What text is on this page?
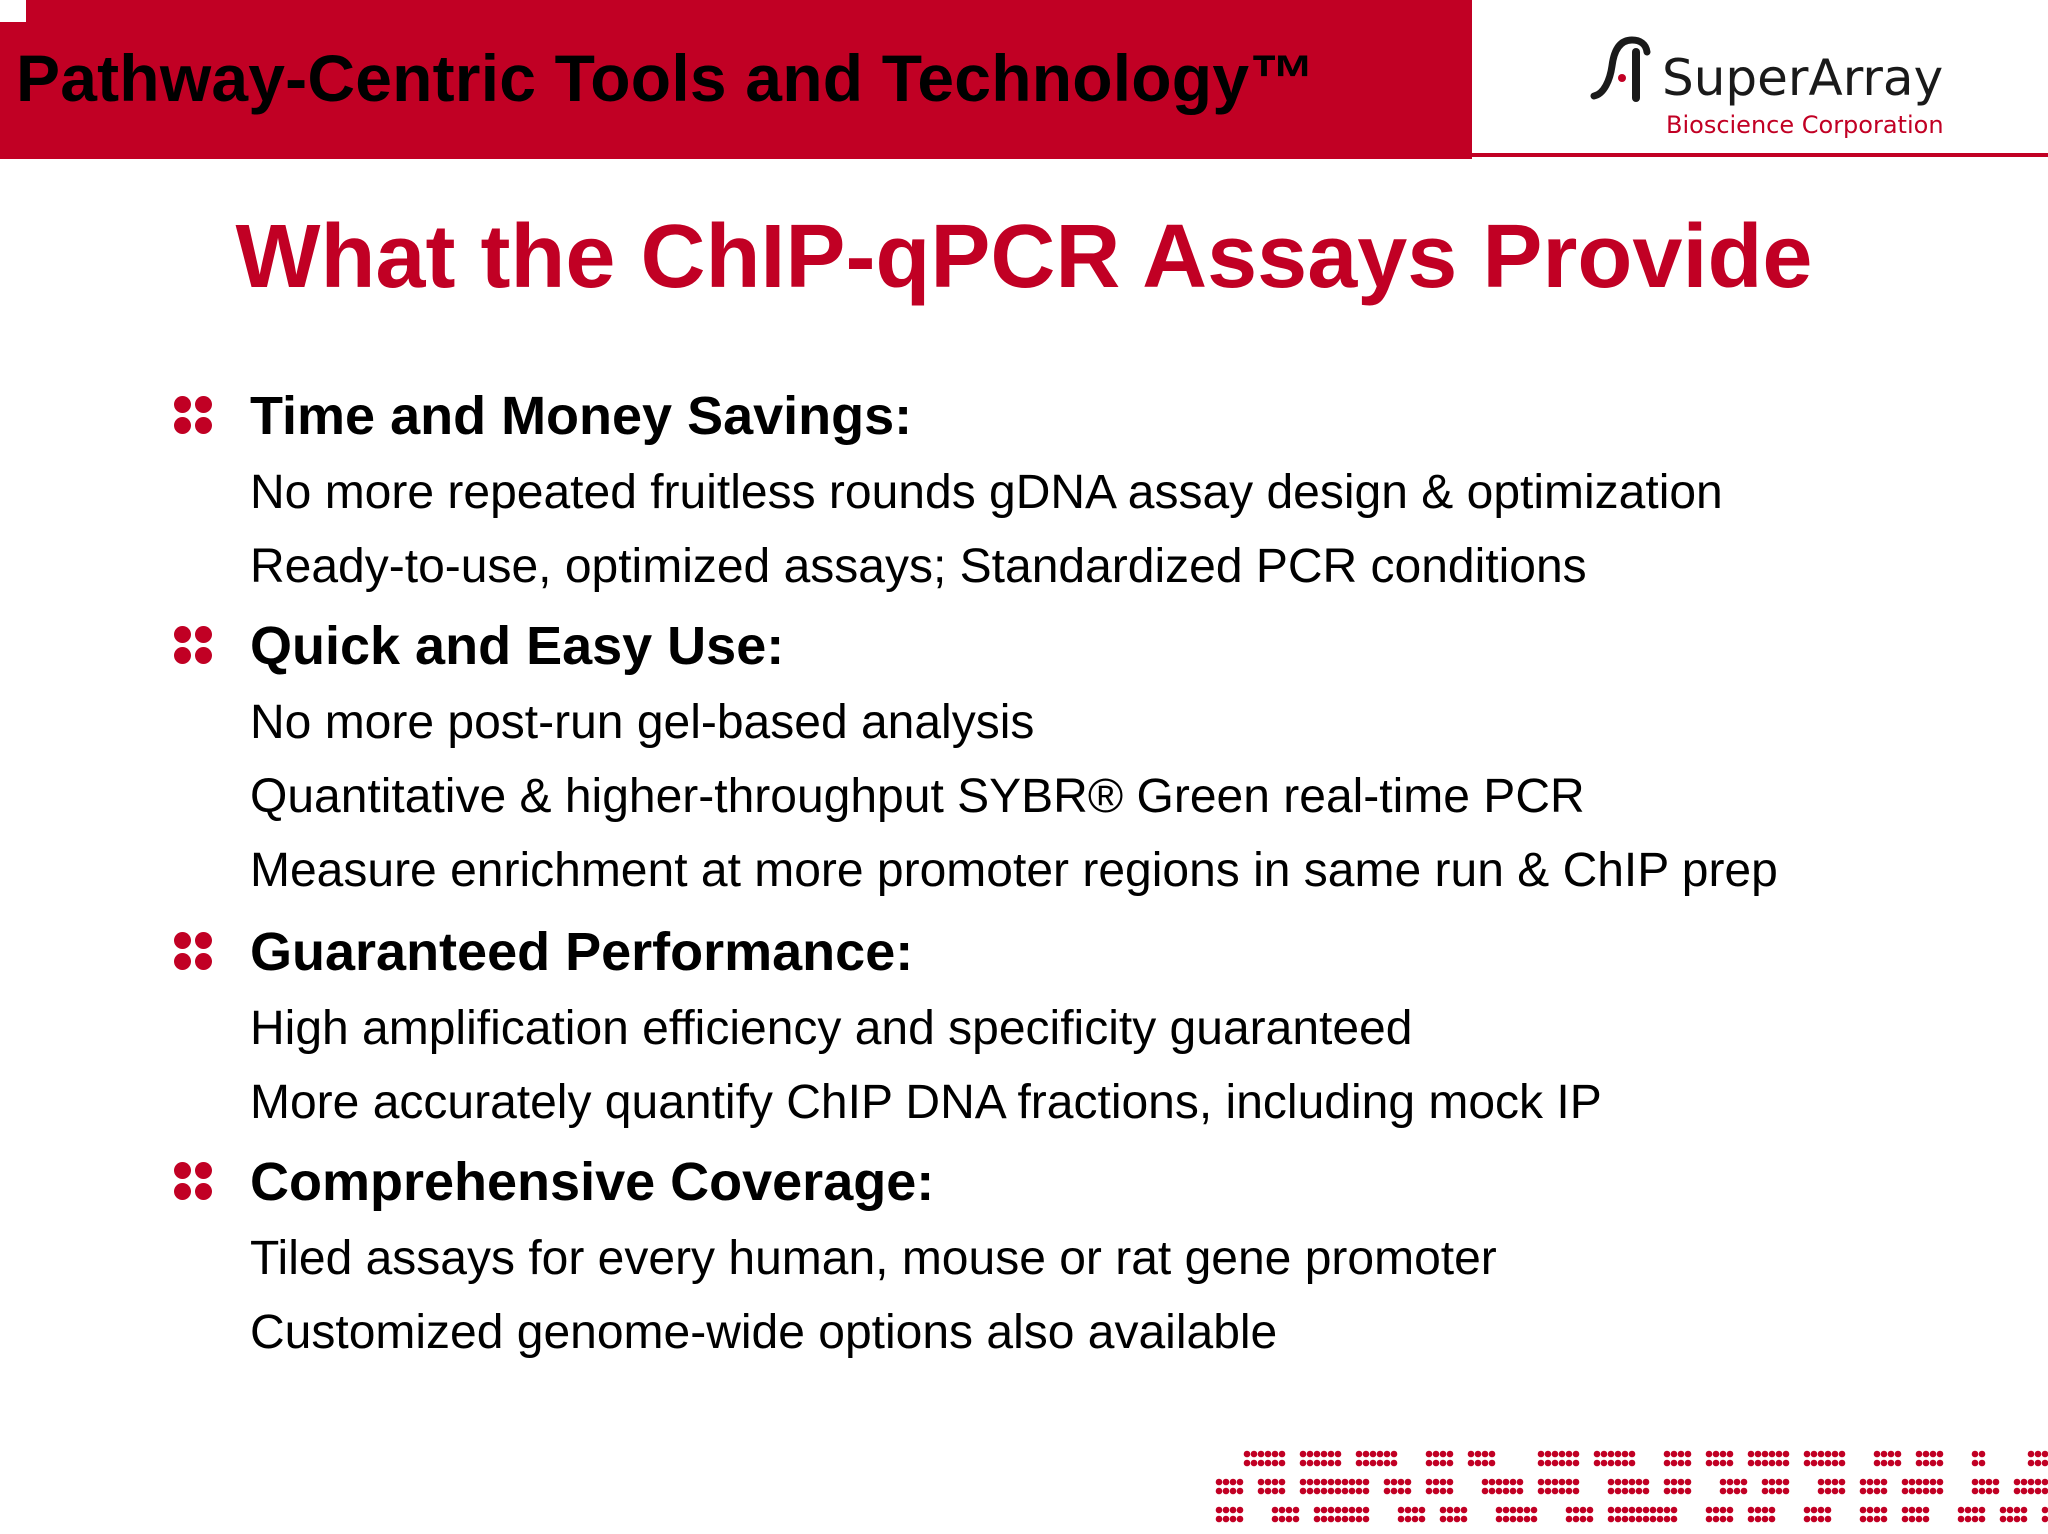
Pathway-Centric Tools and Technology™	SuperArray
Bioscience Corporation
What the ChIP-qPCR Assays Provide
Time and Money Savings:
No more repeated fruitless rounds gDNA assay design & optimization
Ready-to-use, optimized assays; Standardized PCR conditions
Quick and Easy Use:
No more post-run gel-based analysis
Quantitative & higher-throughput SYBR® Green real-time PCR
Measure enrichment at more promoter regions in same run & ChIP prep
Guaranteed Performance:
High amplification efficiency and specificity guaranteed
More accurately quantify ChIP DNA fractions, including mock IP
Comprehensive Coverage:
Tiled assays for every human, mouse or rat gene promoter
Customized genome-wide options also available
